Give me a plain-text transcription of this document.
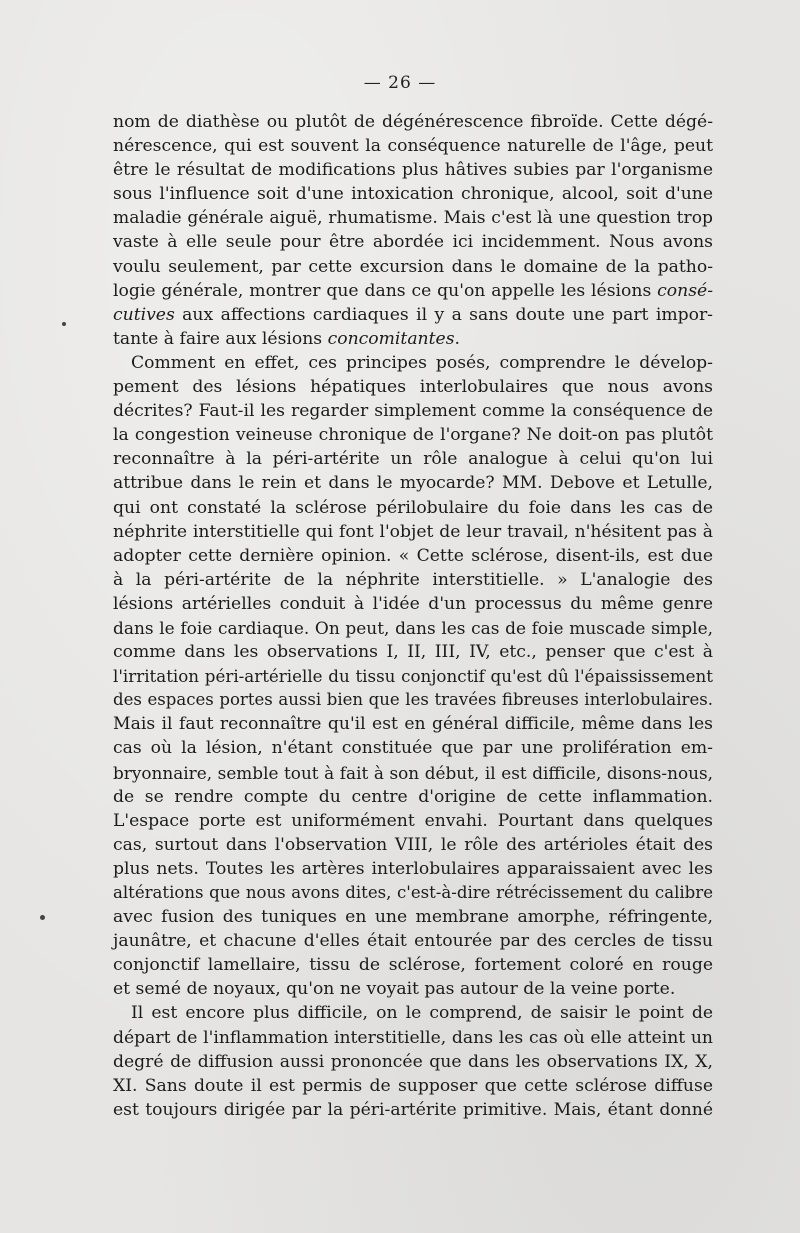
— 26 —
nom de diathèse ou plutôt de dégénérescence fibroïde. Cette dégé-
nérescence, qui est souvent la conséquence naturelle de l'âge, peut
être le résultat de modifications plus hâtives subies par l'organisme
sous l'influence soit d'une intoxication chronique, alcool, soit d'une
maladie générale aiguë, rhumatisme. Mais c'est là une question trop
vaste à elle seule pour être abordée ici incidemment. Nous avons
voulu seulement, par cette excursion dans le domaine de la patho-
logie générale, montrer que dans ce qu'on appelle les lésions consé-
cutives aux affections cardiaques il y a sans doute une part impor-
tante à faire aux lésions concomitantes.
Comment en effet, ces principes posés, comprendre le dévelop-
pement des lésions hépatiques interlobulaires que nous avons
décrites? Faut-il les regarder simplement comme la conséquence de
la congestion veineuse chronique de l'organe? Ne doit-on pas plutôt
reconnaître à la péri-artérite un rôle analogue à celui qu'on lui
attribue dans le rein et dans le myocarde? MM. Debove et Letulle,
qui ont constaté la sclérose périlobulaire du foie dans les cas de
néphrite interstitielle qui font l'objet de leur travail, n'hésitent pas à
adopter cette dernière opinion. « Cette sclérose, disent-ils, est due
à la péri-artérite de la néphrite interstitielle. » L'analogie des
lésions artérielles conduit à l'idée d'un processus du même genre
dans le foie cardiaque. On peut, dans les cas de foie muscade simple,
comme dans les observations I, II, III, IV, etc., penser que c'est à
l'irritation péri-artérielle du tissu conjonctif qu'est dû l'épaississement
des espaces portes aussi bien que les travées fibreuses interlobulaires.
Mais il faut reconnaître qu'il est en général difficile, même dans les
cas où la lésion, n'étant constituée que par une prolifération em-
bryonnaire, semble tout à fait à son début, il est difficile, disons-nous,
de se rendre compte du centre d'origine de cette inflammation.
L'espace porte est uniformément envahi. Pourtant dans quelques
cas, surtout dans l'observation VIII, le rôle des artérioles était des
plus nets. Toutes les artères interlobulaires apparaissaient avec les
altérations que nous avons dites, c'est-à-dire rétrécissement du calibre
avec fusion des tuniques en une membrane amorphe, réfringente,
jaunâtre, et chacune d'elles était entourée par des cercles de tissu
conjonctif lamellaire, tissu de sclérose, fortement coloré en rouge
et semé de noyaux, qu'on ne voyait pas autour de la veine porte.
Il est encore plus difficile, on le comprend, de saisir le point de
départ de l'inflammation interstitielle, dans les cas où elle atteint un
degré de diffusion aussi prononcée que dans les observations IX, X,
XI. Sans doute il est permis de supposer que cette sclérose diffuse
est toujours dirigée par la péri-artérite primitive. Mais, étant donné
